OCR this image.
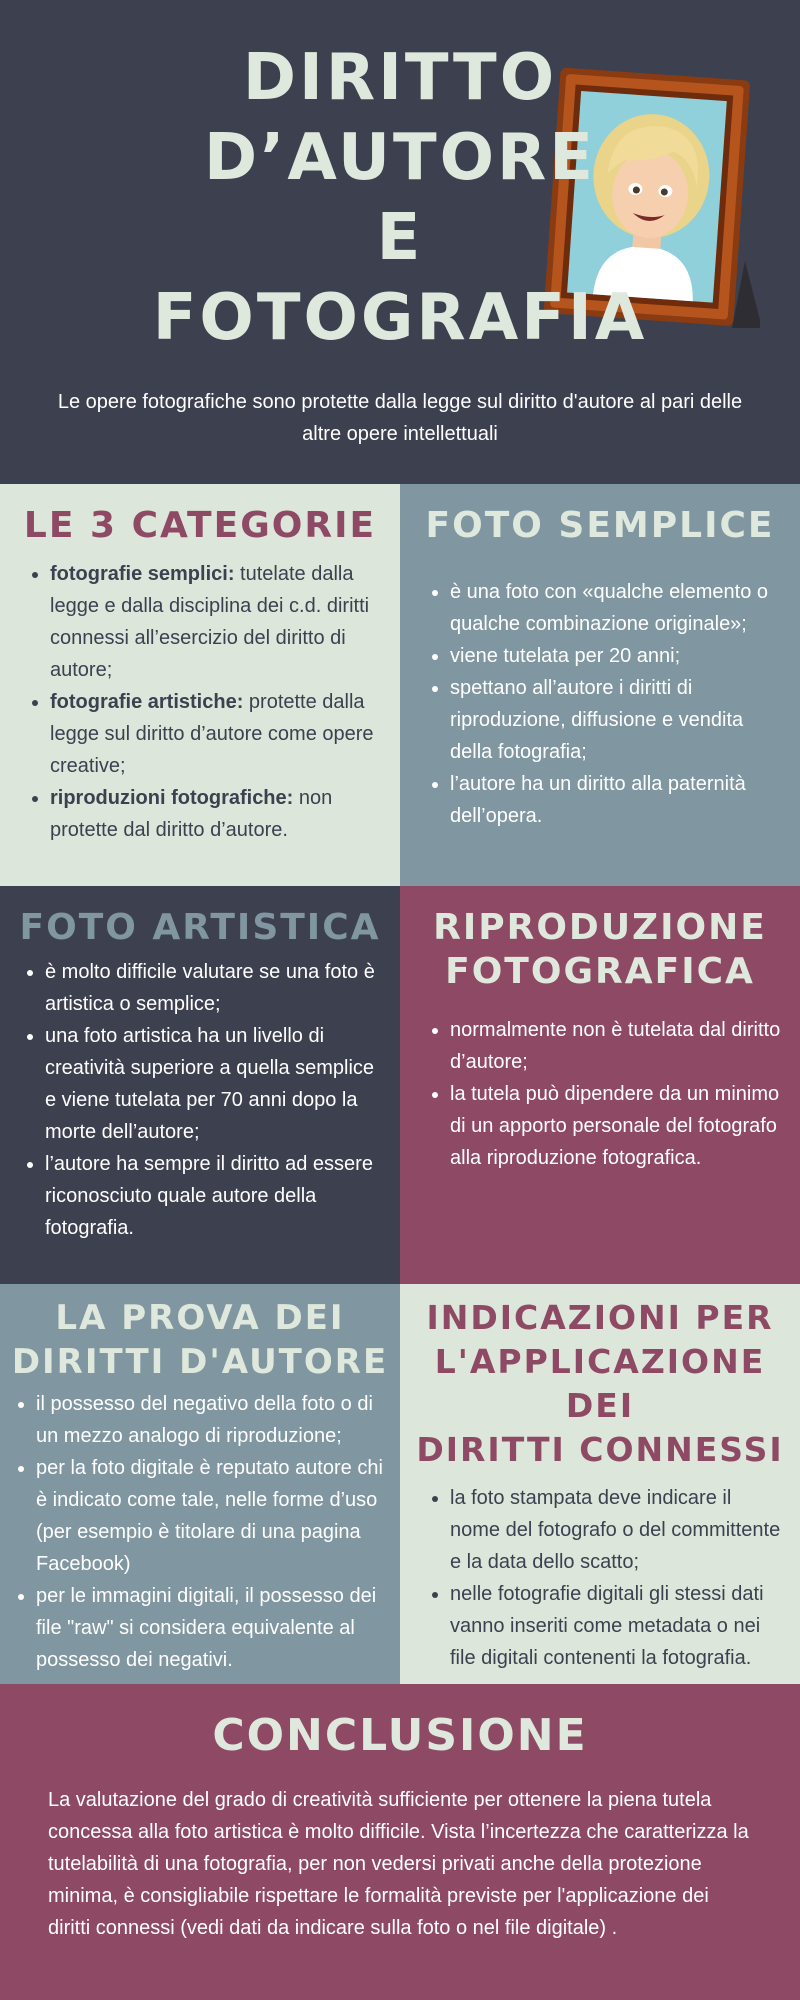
DIRITTO
D’AUTORE
E
FOTOGRAFIA
Le opere fotografiche sono protette dalla legge sul diritto d'autore al pari delle altre opere intellettuali
LE 3 CATEGORIE
• fotografie semplici: tutelate dalla legge e dalla disciplina dei c.d. diritti connessi all’esercizio del diritto di autore;
• fotografie artistiche: protette dalla legge sul diritto d’autore come opere creative;
• riproduzioni fotografiche: non protette dal diritto d’autore.
FOTO SEMPLICE
• è una foto con «qualche elemento o qualche combinazione originale»;
• viene tutelata per 20 anni;
• spettano all’autore i diritti di riproduzione, diffusione e vendita della fotografia;
• l’autore ha un diritto alla paternità dell’opera.
FOTO ARTISTICA
• è molto difficile valutare se una foto è artistica o semplice;
• una foto artistica ha un livello di creatività superiore a quella semplice e viene tutelata per 70 anni dopo la morte dell’autore;
• l’autore ha sempre il diritto ad essere riconosciuto quale autore della fotografia.
RIPRODUZIONE
FOTOGRAFICA
• normalmente non è tutelata dal diritto d’autore;
• la tutela può dipendere da un minimo di un apporto personale del fotografo alla riproduzione fotografica.
LA PROVA DEI
DIRITTI D'AUTORE
• il possesso del negativo della foto o di un mezzo analogo di riproduzione;
• per la foto digitale è reputato autore chi è indicato come tale, nelle forme d’uso (per esempio è titolare di una pagina Facebook)
• per le immagini digitali, il possesso dei file "raw" si considera equivalente al possesso dei negativi.
INDICAZIONI PER
L'APPLICAZIONE DEI
DIRITTI CONNESSI
• la foto stampata deve indicare il nome del fotografo o del committente e la data dello scatto;
• nelle fotografie digitali gli stessi dati vanno inseriti come metadata o nei file digitali contenenti la fotografia.
CONCLUSIONE

La valutazione del grado di creatività sufficiente per ottenere la piena tutela concessa alla foto artistica è molto difficile. Vista l’incertezza che caratterizza la tutelabilità di una fotografia, per non vedersi privati anche della protezione minima, è consigliabile rispettare le formalità previste per l'applicazione dei diritti connessi (vedi dati da indicare sulla foto o nel file digitale) .
